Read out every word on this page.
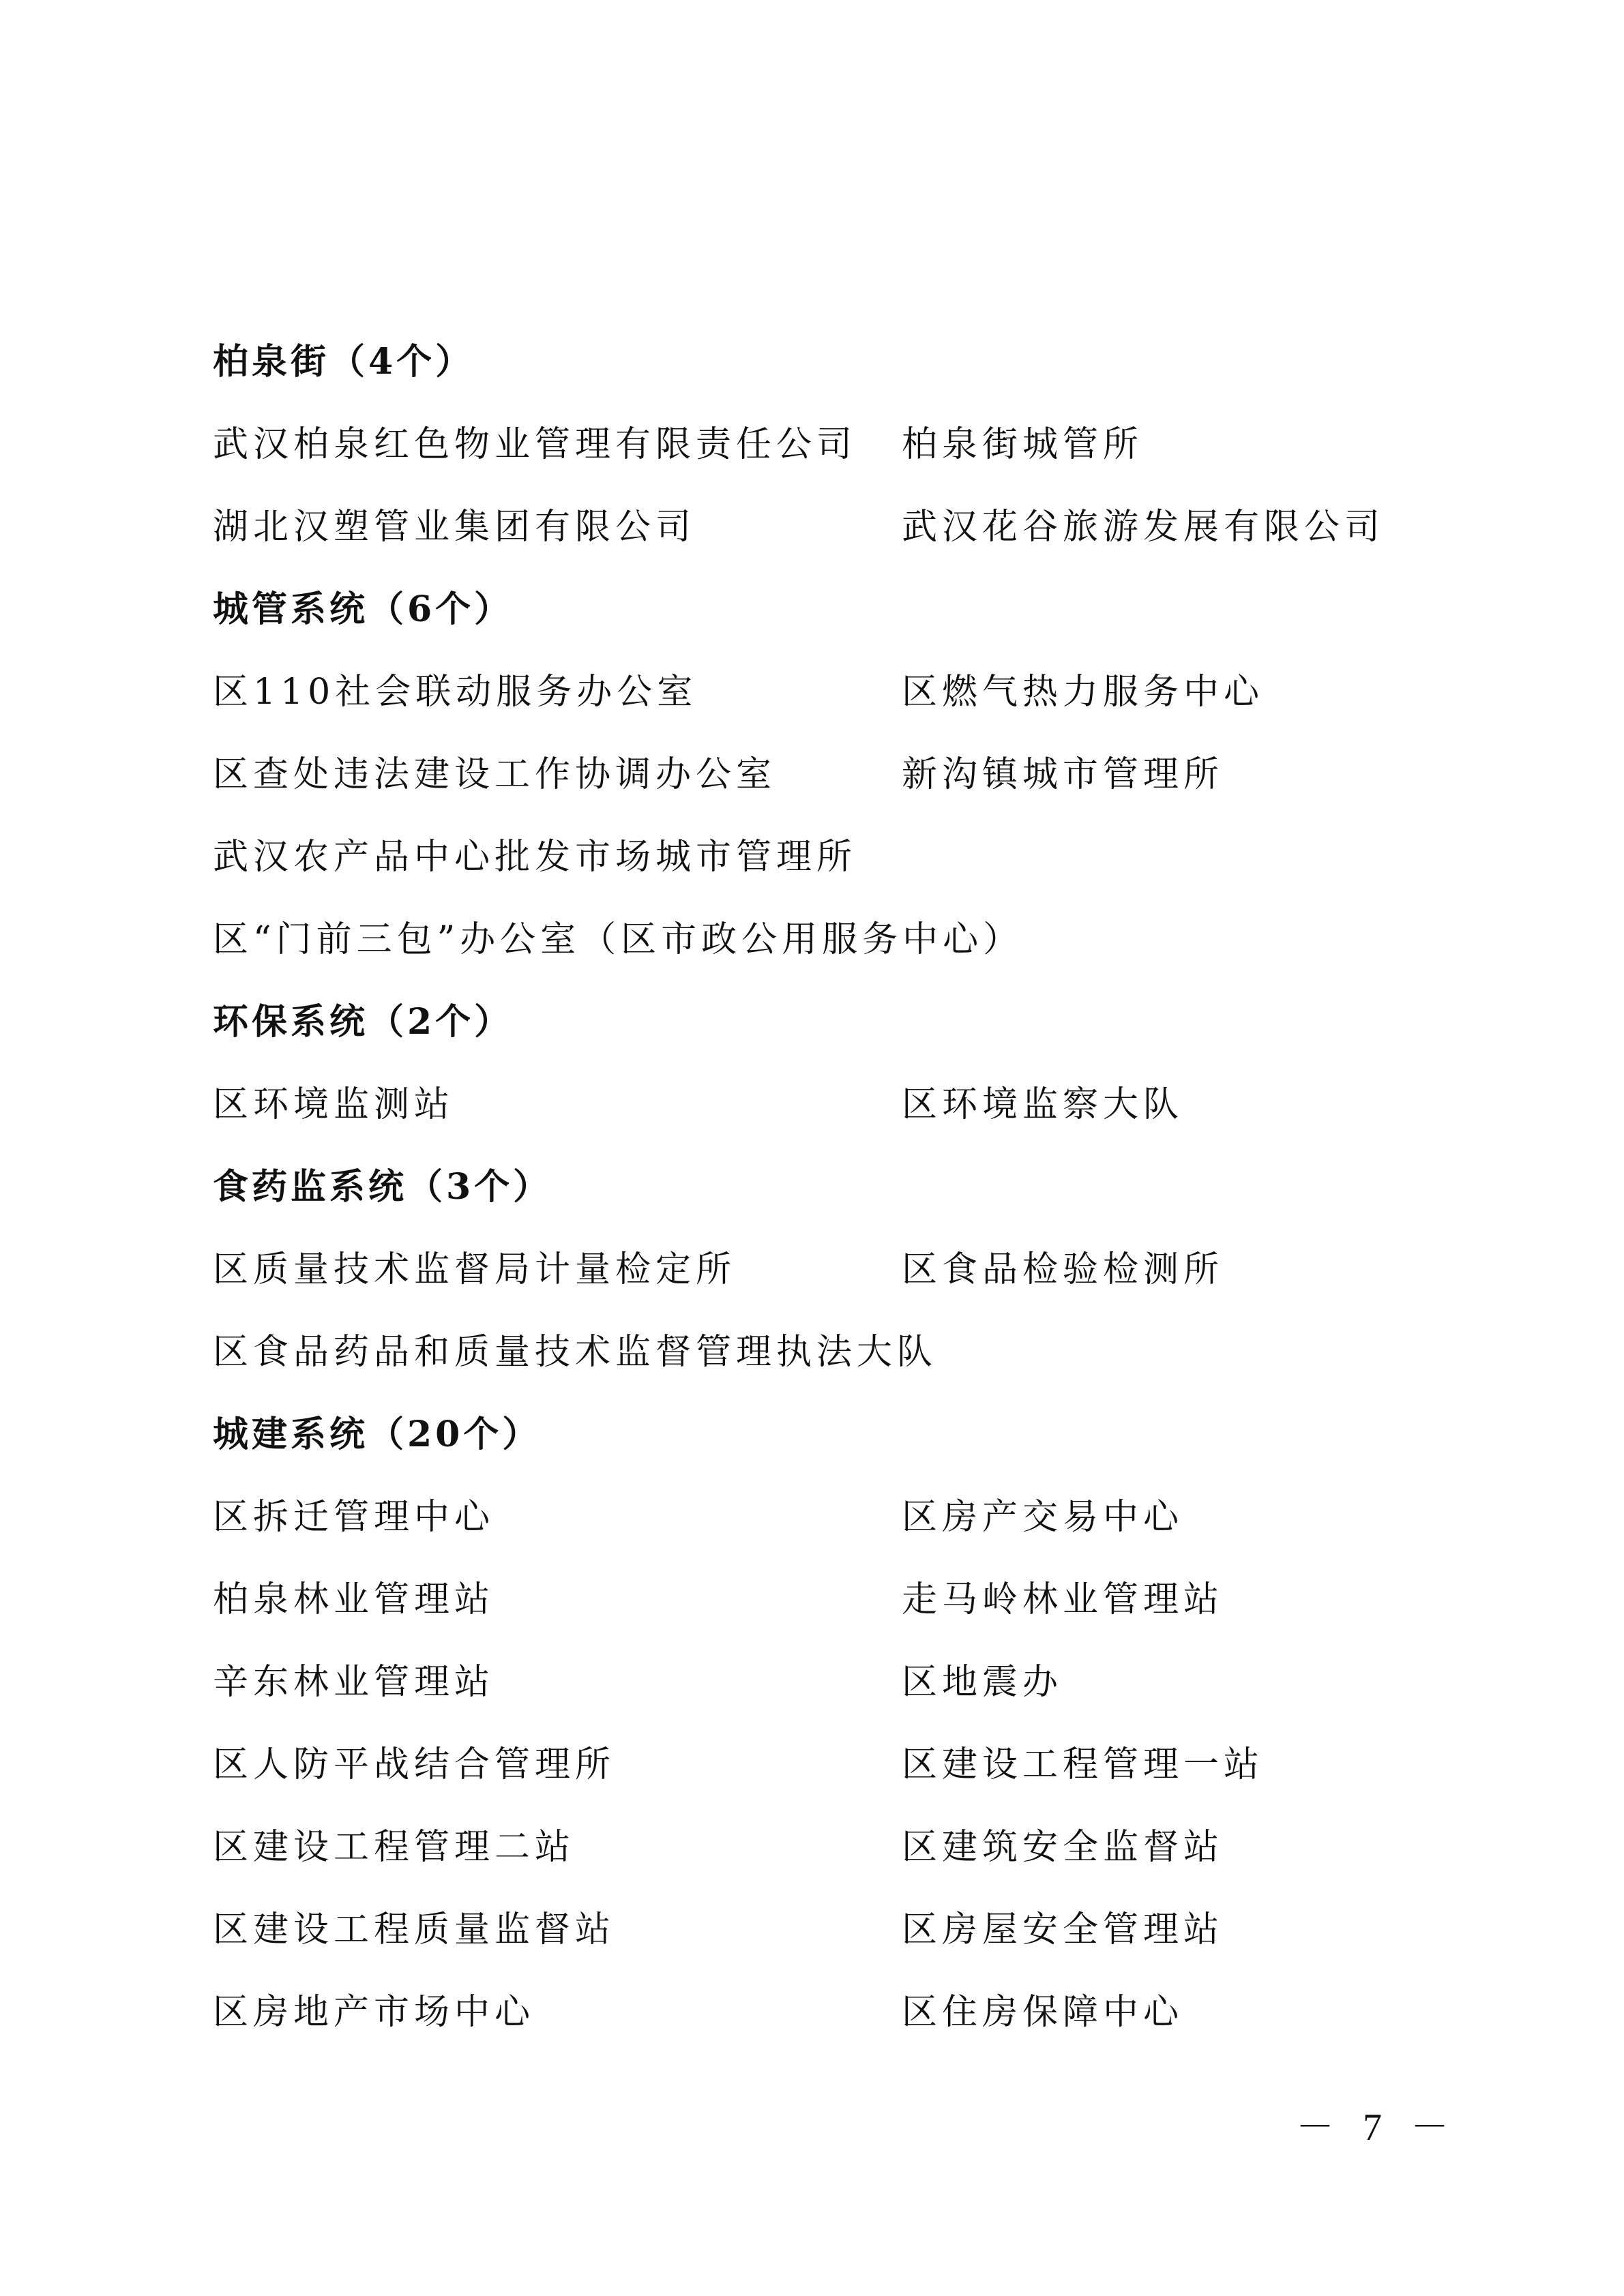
柏泉街（4个）
武汉柏泉红色物业管理有限责任公司	柏泉街城管所
湖北汉塑管业集团有限公司	武汉花谷旅游发展有限公司
城管系统（6个）
区110社会联动服务办公室	区燃气热力服务中心
区查处违法建设工作协调办公室	新沟镇城市管理所
武汉农产品中心批发市场城市管理所
区“门前三包”办公室（区市政公用服务中心）
环保系统（2个）
区环境监测站	区环境监察大队
食药监系统（3个）
区质量技术监督局计量检定所	区食品检验检测所
区食品药品和质量技术监督管理执法大队
城建系统（20个）
区拆迁管理中心	区房产交易中心
柏泉林业管理站	走马岭林业管理站
辛东林业管理站	区地震办
区人防平战结合管理所	区建设工程管理一站
区建设工程管理二站	区建筑安全监督站
区建设工程质量监督站	区房屋安全管理站
区房地产市场中心	区住房保障中心
－ 7 －
